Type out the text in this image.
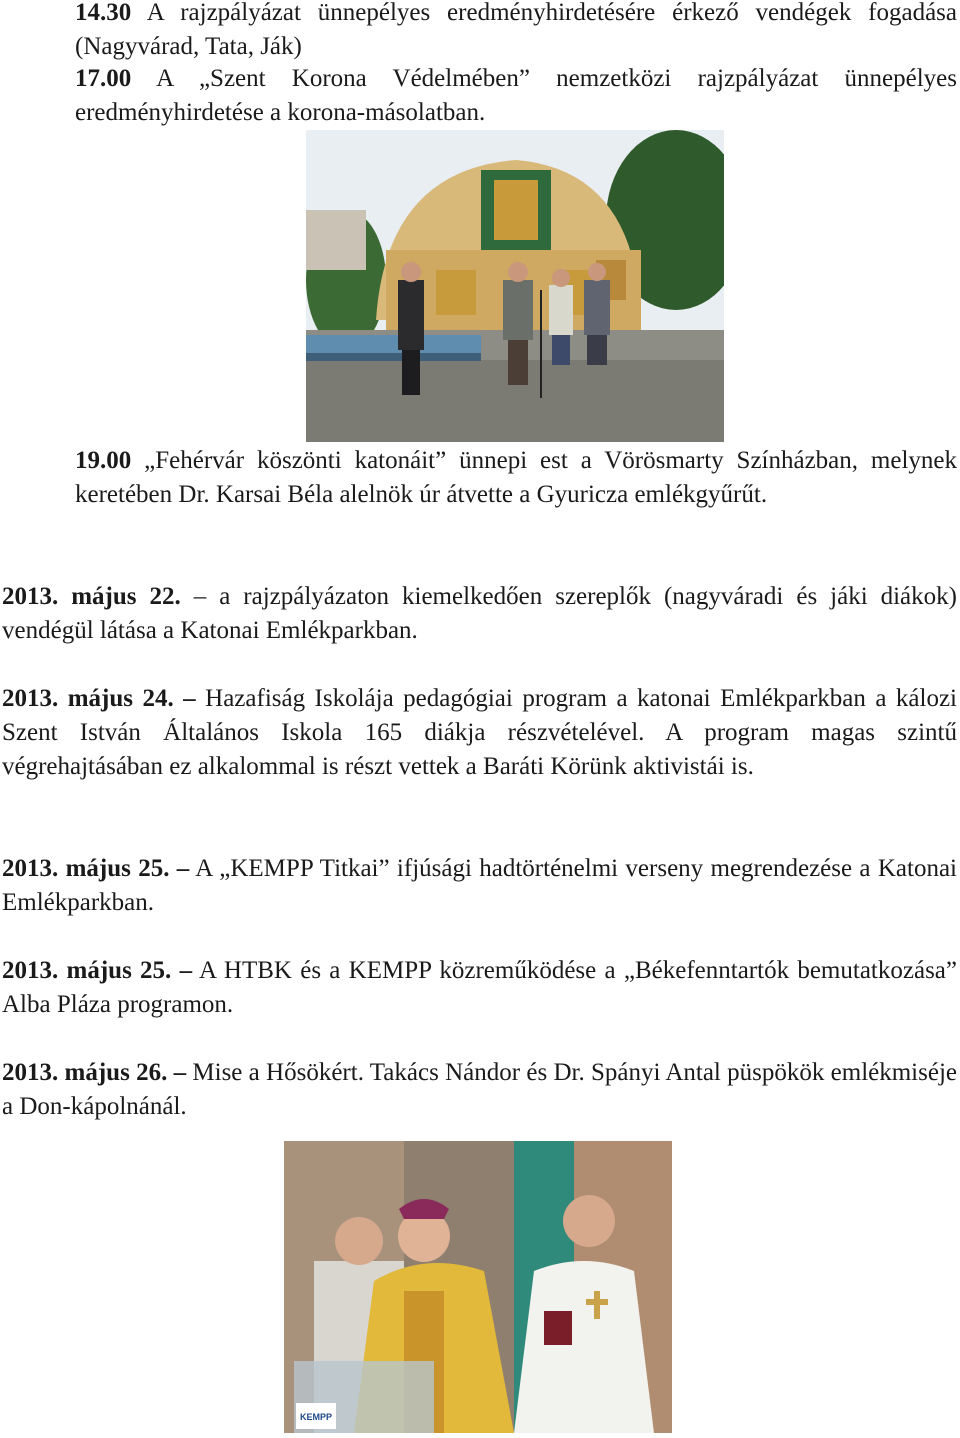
14.30 A rajzpályázat ünnepélyes eredményhirdetésére érkező vendégek fogadása (Nagyvárad, Tata, Ják)

17.00 A „Szent Korona Védelmében” nemzetközi rajzpályázat ünnepélyes eredményhirdetése a korona-másolatban.

19.00 „Fehérvár köszönti katonáit” ünnepi est a Vörösmarty Színházban, melynek keretében Dr. Karsai Béla alelnök úr átvette a Gyuricza emlékgyűrűt.

2013. május 22. – a rajzpályázaton kiemelkedően szereplők (nagyváradi és jáki diákok) vendégül látása a Katonai Emlékparkban.

2013. május 24. – Hazafiság Iskolája pedagógiai program a katonai Emlékparkban a kálozi Szent István Általános Iskola 165 diákja részvételével. A program magas szintű végrehajtásában ez alkalommal is részt vettek a Baráti Körünk aktivistái is.

2013. május 25. – A „KEMPP Titkai” ifjúsági hadtörténelmi verseny megrendezése a Katonai Emlékparkban.

2013. május 25. – A HTBK és a KEMPP közreműködése a „Békefenntartók bemutatkozása” Alba Pláza programon.

2013. május 26. – Mise a Hősökért. Takács Nándor és Dr. Spányi Antal püspökök emlékmiséje a Don-kápolnánál.

KEMPP
